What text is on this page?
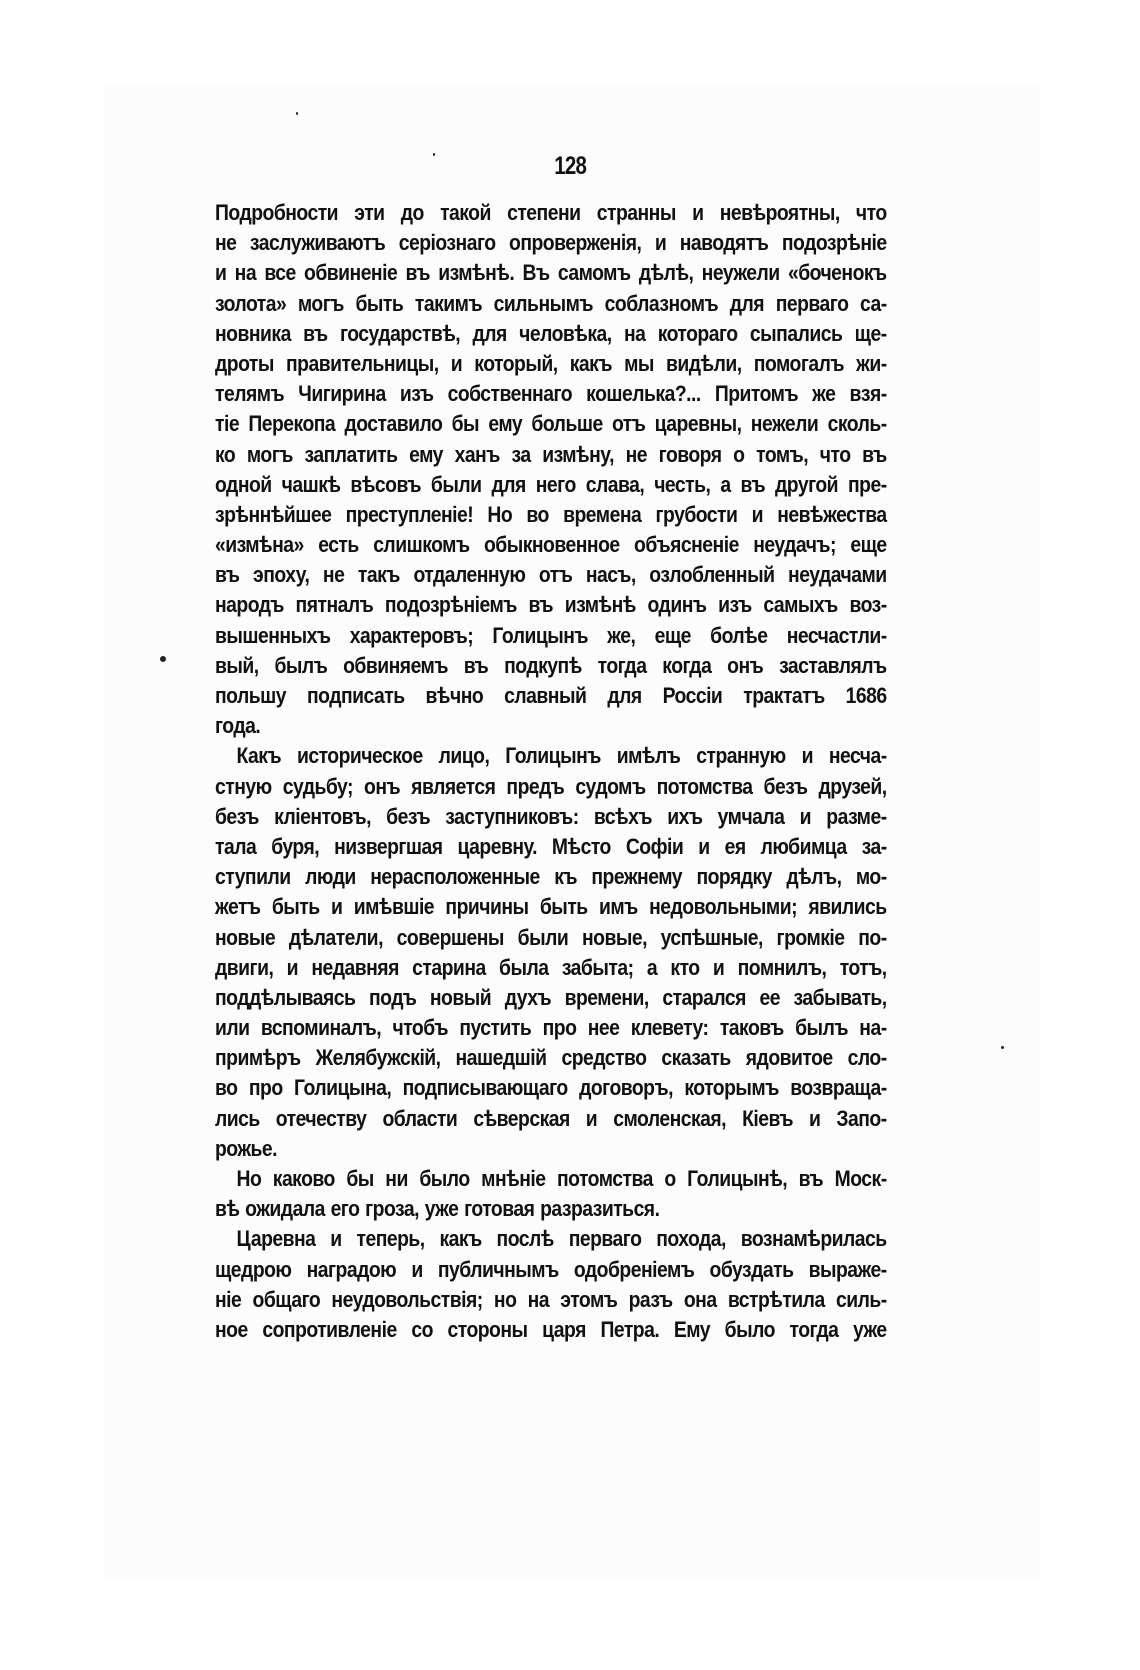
128
Подробности эти до такой степени странны и невѣроятны, что
не заслуживаютъ серіознаго опроверженія, и наводятъ подозрѣніе
и на все обвиненіе въ измѣнѣ. Въ самомъ дѣлѣ, неужели «боченокъ
золота» могъ быть такимъ сильнымъ соблазномъ для перваго са-
новника въ государствѣ, для человѣка, на котораго сыпались ще-
дроты правительницы, и который, какъ мы видѣли, помогалъ жи-
телямъ Чигирина изъ собственнаго кошелька?... Притомъ же взя-
тіе Перекопа доставило бы ему больше отъ царевны, нежели сколь-
ко могъ заплатить ему ханъ за измѣну, не говоря о томъ, что въ
одной чашкѣ вѣсовъ были для него слава, честь, а въ другой пре-
зрѣннѣйшее преступленіе! Но во времена грубости и невѣжества
«измѣна» есть слишкомъ обыкновенное объясненіе неудачъ; еще
въ эпоху, не такъ отдаленную отъ насъ, озлобленный неудачами
народъ пятналъ подозрѣніемъ въ измѣнѣ одинъ изъ самыхъ воз-
вышенныхъ характеровъ; Голицынъ же, еще болѣе несчастли-
вый, былъ обвиняемъ въ подкупѣ тогда когда онъ заставлялъ
польшу подписать вѣчно славный для Россіи трактатъ 1686
года.
Какъ историческое лицо, Голицынъ имѣлъ странную и несча-
стную судьбу; онъ является предъ судомъ потомства безъ друзей,
безъ кліентовъ, безъ заступниковъ: всѣхъ ихъ умчала и разме-
тала буря, низвергшая царевну. Мѣсто Софіи и ея любимца за-
ступили люди нерасположенные къ прежнему порядку дѣлъ, мо-
жетъ быть и имѣвшіе причины быть имъ недовольными; явились
новые дѣлатели, совершены были новые, успѣшные, громкіе по-
двиги, и недавняя старина была забыта; а кто и помнилъ, тотъ,
поддѣлываясь подъ новый духъ времени, старался ее забывать,
или вспоминалъ, чтобъ пустить про нее клевету: таковъ былъ на-
примѣръ Желябужскій, нашедшій средство сказать ядовитое сло-
во про Голицына, подписывающаго договоръ, которымъ возвраща-
лись отечеству области сѣверская и смоленская, Кіевъ и Запо-
рожье.
Но каково бы ни было мнѣніе потомства о Голицынѣ, въ Моск-
вѣ ожидала его гроза, уже готовая разразиться.
Царевна и теперь, какъ послѣ перваго похода, вознамѣрилась
щедрою наградою и публичнымъ одобреніемъ обуздать выраже-
ніе общаго неудовольствія; но на этомъ разъ она встрѣтила силь-
ное сопротивленіе со стороны царя Петра. Ему было тогда уже
